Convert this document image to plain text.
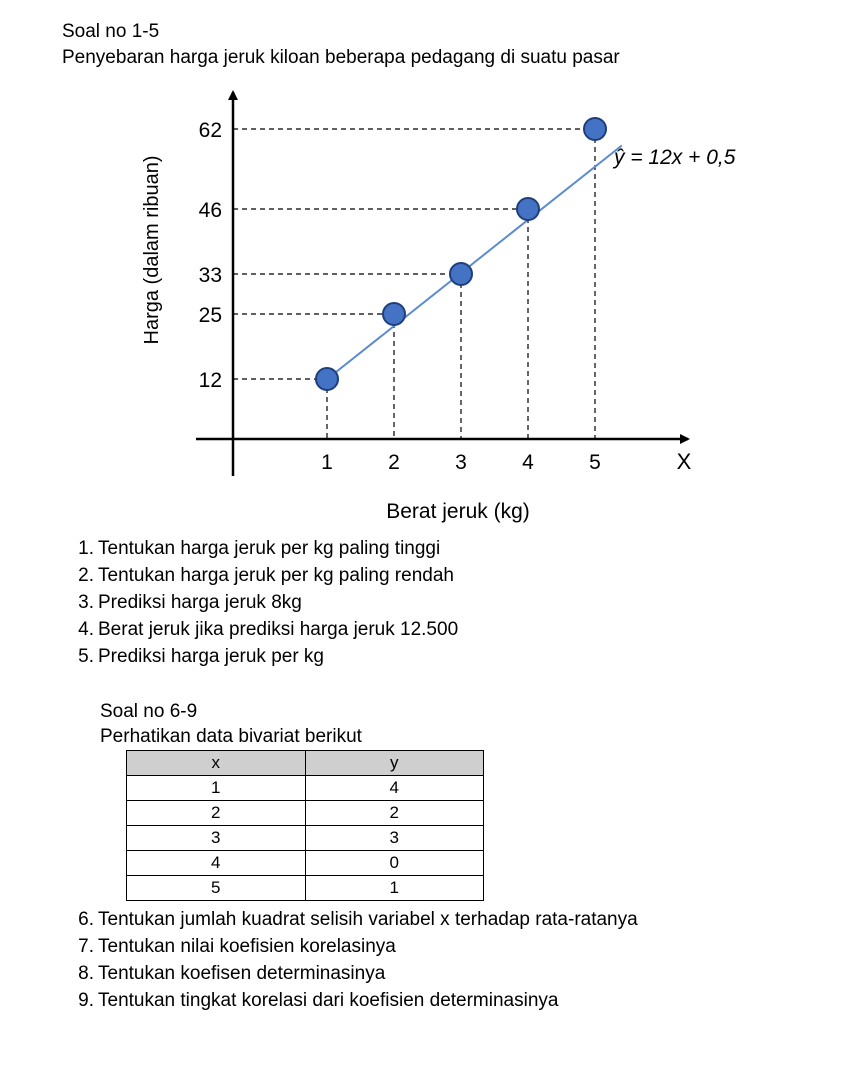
Soal no 1-5
Penyebaran harga jeruk kiloan beberapa pedagang di suatu pasar
1	2	3	4	5
12
25
33
46
62
X
Berat jeruk (kg)
Harga (dalam ribuan)	ŷ = 12x + 0,5
1. Tentukan harga jeruk per kg paling tinggi
2. Tentukan harga jeruk per kg paling rendah
3. Prediksi harga jeruk 8kg
4. Berat jeruk jika prediksi harga jeruk 12.500
5. Prediksi harga jeruk per kg
Soal no 6-9
Perhatikan data bivariat berikut
x	y
1	4
2	2
3	3
4	0
5	1
6. Tentukan jumlah kuadrat selisih variabel x terhadap rata-ratanya
7. Tentukan nilai koefisien korelasinya
8. Tentukan koefisen determinasinya
9. Tentukan tingkat korelasi dari koefisien determinasinya
